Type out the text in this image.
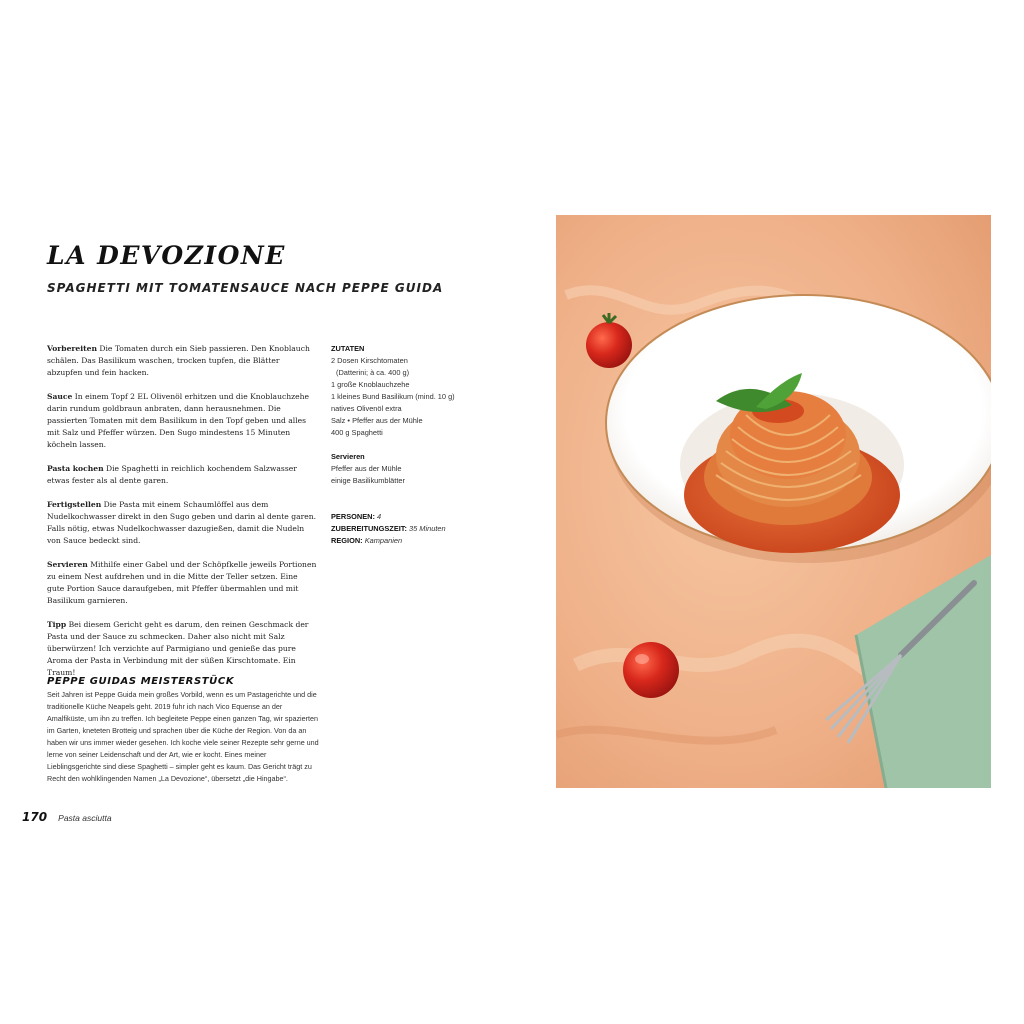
LA DEVOZIONE
SPAGHETTI MIT TOMATENSAUCE NACH PEPPE GUIDA

Vorbereiten Die Tomaten durch ein Sieb passieren. Den Knoblauch schälen. Das Basilikum waschen, trocken tupfen, die Blätter abzupfen und fein hacken.

Sauce In einem Topf 2 EL Olivenöl erhitzen und die Knoblauchzehe darin rundum goldbraun anbraten, dann herausnehmen. Die passierten Tomaten mit dem Basilikum in den Topf geben und alles mit Salz und Pfeffer würzen. Den Sugo mindestens 15 Minuten köcheln lassen.

Pasta kochen Die Spaghetti in reichlich kochendem Salzwasser etwas fester als al dente garen.

Fertigstellen Die Pasta mit einem Schaumlöffel aus dem Nudelkochwasser direkt in den Sugo geben und darin al dente garen. Falls nötig, etwas Nudelkochwasser dazugießen, damit die Nudeln von Sauce bedeckt sind.

Servieren Mithilfe einer Gabel und der Schöpfkelle jeweils Portionen zu einem Nest aufdrehen und in die Mitte der Teller setzen. Eine gute Portion Sauce daraufgeben, mit Pfeffer übermahlen und mit Basilikum garnieren.

Tipp Bei diesem Gericht geht es darum, den reinen Geschmack der Pasta und der Sauce zu schmecken. Daher also nicht mit Salz überwürzen! Ich verzichte auf Parmigiano und genieße das pure Aroma der Pasta in Verbindung mit der süßen Kirschtomate. Ein Traum!

ZUTATEN
2 Dosen Kirschtomaten
(Datterini; à ca. 400 g)
1 große Knoblauchzehe
1 kleines Bund Basilikum (mind. 10 g)
natives Olivenöl extra
Salz • Pfeffer aus der Mühle
400 g Spaghetti
Servieren
Pfeffer aus der Mühle
einige Basilikumblätter
PERSONEN: 4
ZUBEREITUNGSZEIT: 35 Minuten
REGION: Kampanien
PEPPE GUIDAS MEISTERSTÜCK

Seit Jahren ist Peppe Guida mein großes Vorbild, wenn es um Pastagerichte und die traditionelle Küche Neapels geht. 2019 fuhr ich nach Vico Equense an der Amalfiküste, um ihn zu treffen. Ich begleitete Peppe einen ganzen Tag, wir spazierten im Garten, kneteten Brotteig und sprachen über die Küche der Region. Von da an haben wir uns immer wieder gesehen. Ich koche viele seiner Rezepte sehr gerne und lerne von seiner Leidenschaft und der Art, wie er kocht. Eines meiner Lieblingsgerichte sind diese Spaghetti – simpler geht es kaum. Das Gericht trägt zu Recht den wohlklingenden Namen „La Devozione“, übersetzt „die Hingabe“.

170 Pasta asciutta
